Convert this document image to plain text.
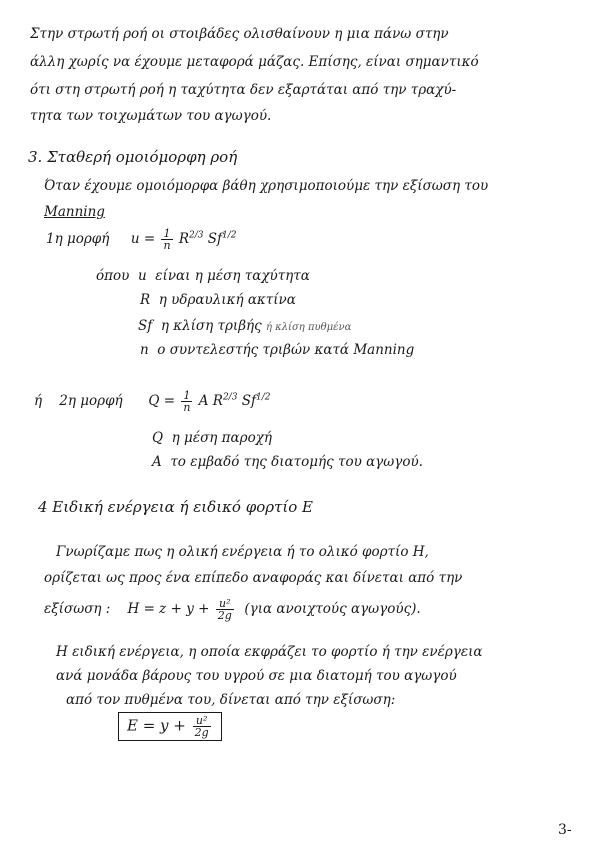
Στην στρωτή ροή οι στοιβάδες ολισθαίνουν η μια πάνω στην
άλλη χωρίς να έχουμε μεταφορά μάζας. Επίσης, είναι σημαντικό
ότι στη στρωτή ροή η ταχύτητα δεν εξαρτάται από την τραχύ-
τητα των τοιχωμάτων του αγωγού.
3. Σταθερή ομοιόμορφη ροή
Όταν έχουμε ομοιόμορφα βάθη χρησιμοποιούμε την εξίσωση του
Manning
1η μορφή $u = \frac{1}{n} R^{2/3}$ $Sf^{1/2}$
όπου u είναι η μέση ταχύτητα
R η υδραυλική ακτίνα
Sf η κλίση τριβής ή κλίση πυθμένα
n ο συντελεστής τριβών κατά Manning
ή 2η μορφή $Q = \frac{1}{n}$ A $R^{2/3}$ $Sf^{1/2}$
Q η μέση παροχή
A το εμβαδό της διατομής του αγωγού.
4 Ειδική ενέργεια ή ειδικό φορτίο E
Γνωρίζαμε πως η ολική ενέργεια ή το ολικό φορτίο H,
ορίζεται ως προς ένα επίπεδο αναφοράς και δίνεται από την
εξίσωση : $H = z + y + \frac{\text{u²}}{2g} (\gamma\iota\alpha$ ανοιχτούς αγωγούς).
Η ειδική ενέργεια, η οποία εκφράζει το φορτίο ή την ενέργεια
ανά μονάδα βάρους του υγρού σε μια διατομή του αγωγού
από τον πυθμένα του, δίνεται από την εξίσωση:
$E = y + \frac{\text{u²}}{2g}$
3-
